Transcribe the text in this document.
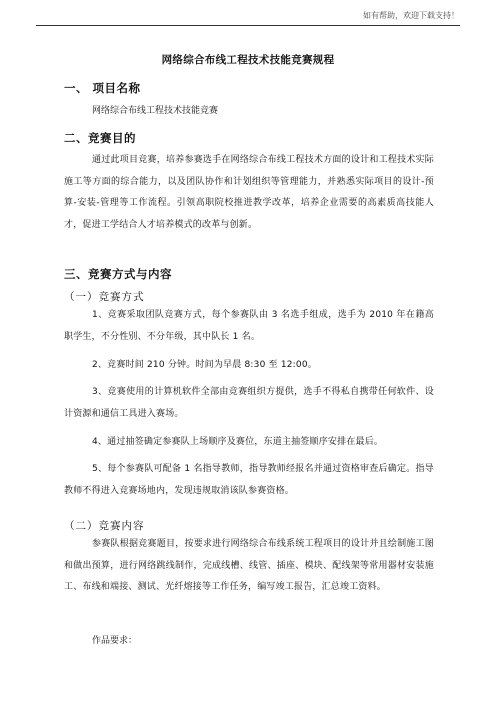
如有帮助，欢迎下载支持！
网络综合布线工程技术技能竞赛规程
一、 项目名称
网络综合布线工程技术技能竞赛
二、竞赛目的
通过此项目竞赛，培养参赛选手在网络综合布线工程技术方面的设计和工程技术实际施工等方面的综合能力，以及团队协作和计划组织等管理能力，并熟悉实际项目的设计-预算-安装-管理等工作流程。引领高职院校推进教学改革，培养企业需要的高素质高技能人才，促进工学结合人才培养模式的改革与创新。
三、竞赛方式与内容
（一）竞赛方式
1、竞赛采取团队竞赛方式，每个参赛队由 3 名选手组成，选手为 2010 年在籍高职学生，不分性别、不分年级，其中队长 1 名。
2、竞赛时间 210 分钟。时间为早晨 8:30 至 12:00。
3、竞赛使用的计算机软件全部由竞赛组织方提供，选手不得私自携带任何软件、设计资源和通信工具进入赛场。
4、通过抽签确定参赛队上场顺序及赛位，东道主抽签顺序安排在最后。
5、每个参赛队可配备 1 名指导教师，指导教师经报名并通过资格审查后确定。指导教师不得进入竞赛场地内，发现违规取消该队参赛资格。
（二）竞赛内容
参赛队根据竞赛题目，按要求进行网络综合布线系统工程项目的设计并且绘制施工图和做出预算，进行网络跳线制作，完成线槽、线管、插座、模块、配线架等常用器材安装施工、布线和端接、测试、光纤熔接等工作任务，编写竣工报告，汇总竣工资料。
作品要求：
